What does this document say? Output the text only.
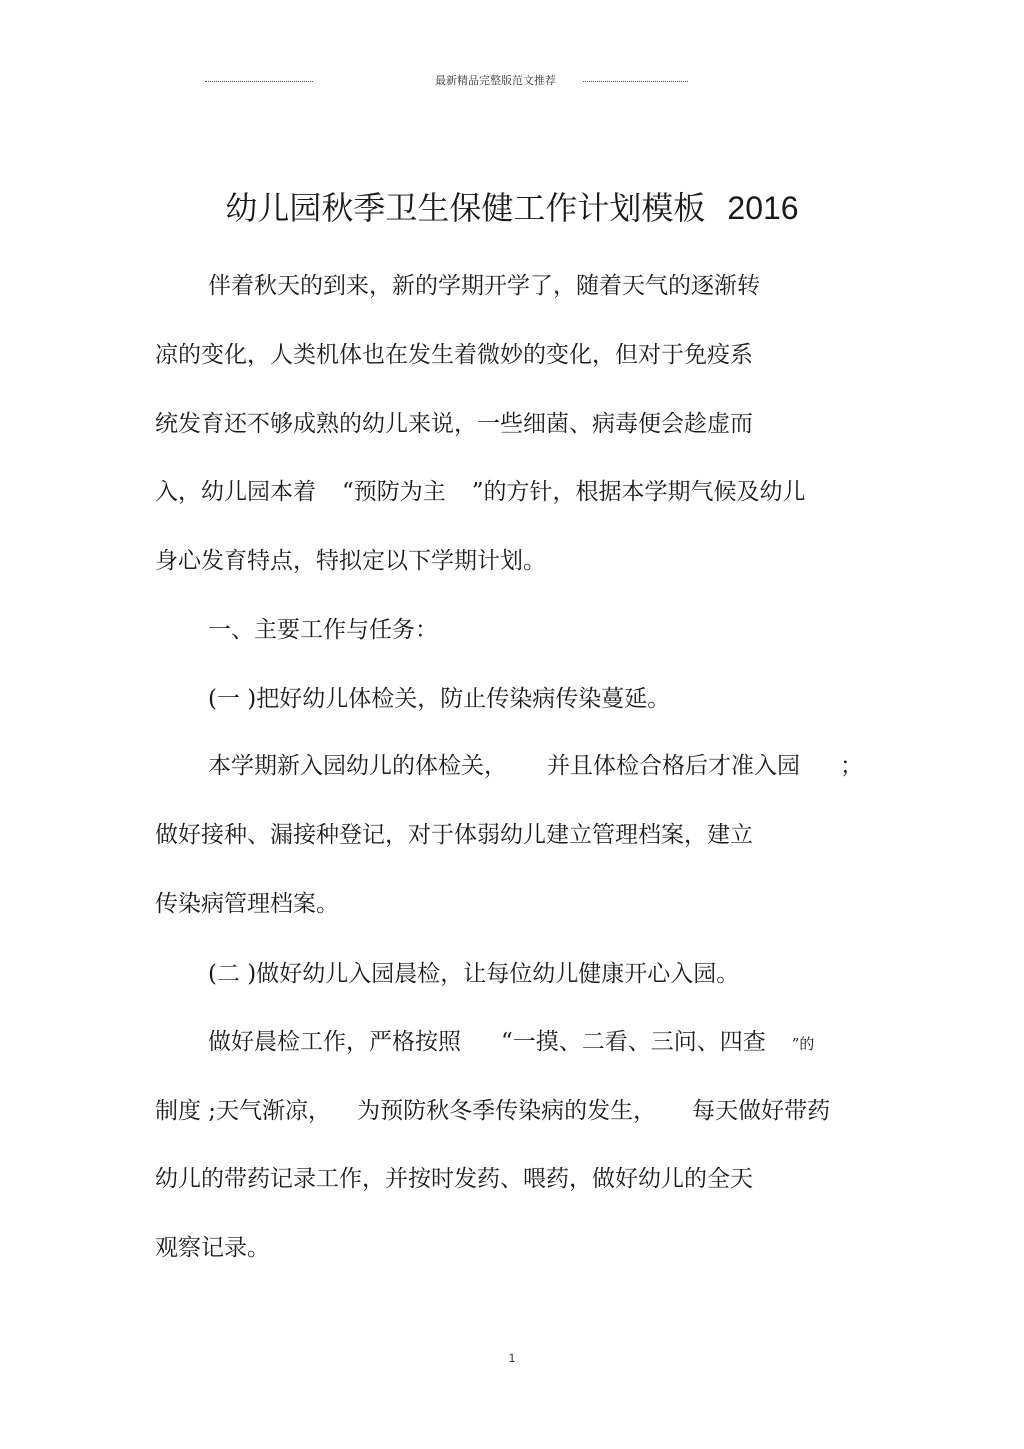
最新精品完整版范文推荐
幼儿园秋季卫生保健工作计划模板 2016
伴着秋天的到来，新的学期开学了，随着天气的逐渐转
凉的变化，人类机体也在发生着微妙的变化，但对于免疫系
统发育还不够成熟的幼儿来说，一些细菌、病毒便会趁虚而
入，幼儿园本着 “预防为主 ”的方针，根据本学期气候及幼儿
身心发育特点，特拟定以下学期计划。
一、主要工作与任务：
(一 )把好幼儿体检关，防止传染病传染蔓延。
本学期新入园幼儿的体检关， 并且体检合格后才准入园 ；
做好接种、漏接种登记，对于体弱幼儿建立管理档案，建立
传染病管理档案。
(二 )做好幼儿入园晨检，让每位幼儿健康开心入园。
做好晨检工作，严格按照 “一摸、二看、三问、四查 ”的
制度 ;天气渐凉， 为预防秋冬季传染病的发生， 每天做好带药
幼儿的带药记录工作，并按时发药、喂药，做好幼儿的全天
观察记录。
1
